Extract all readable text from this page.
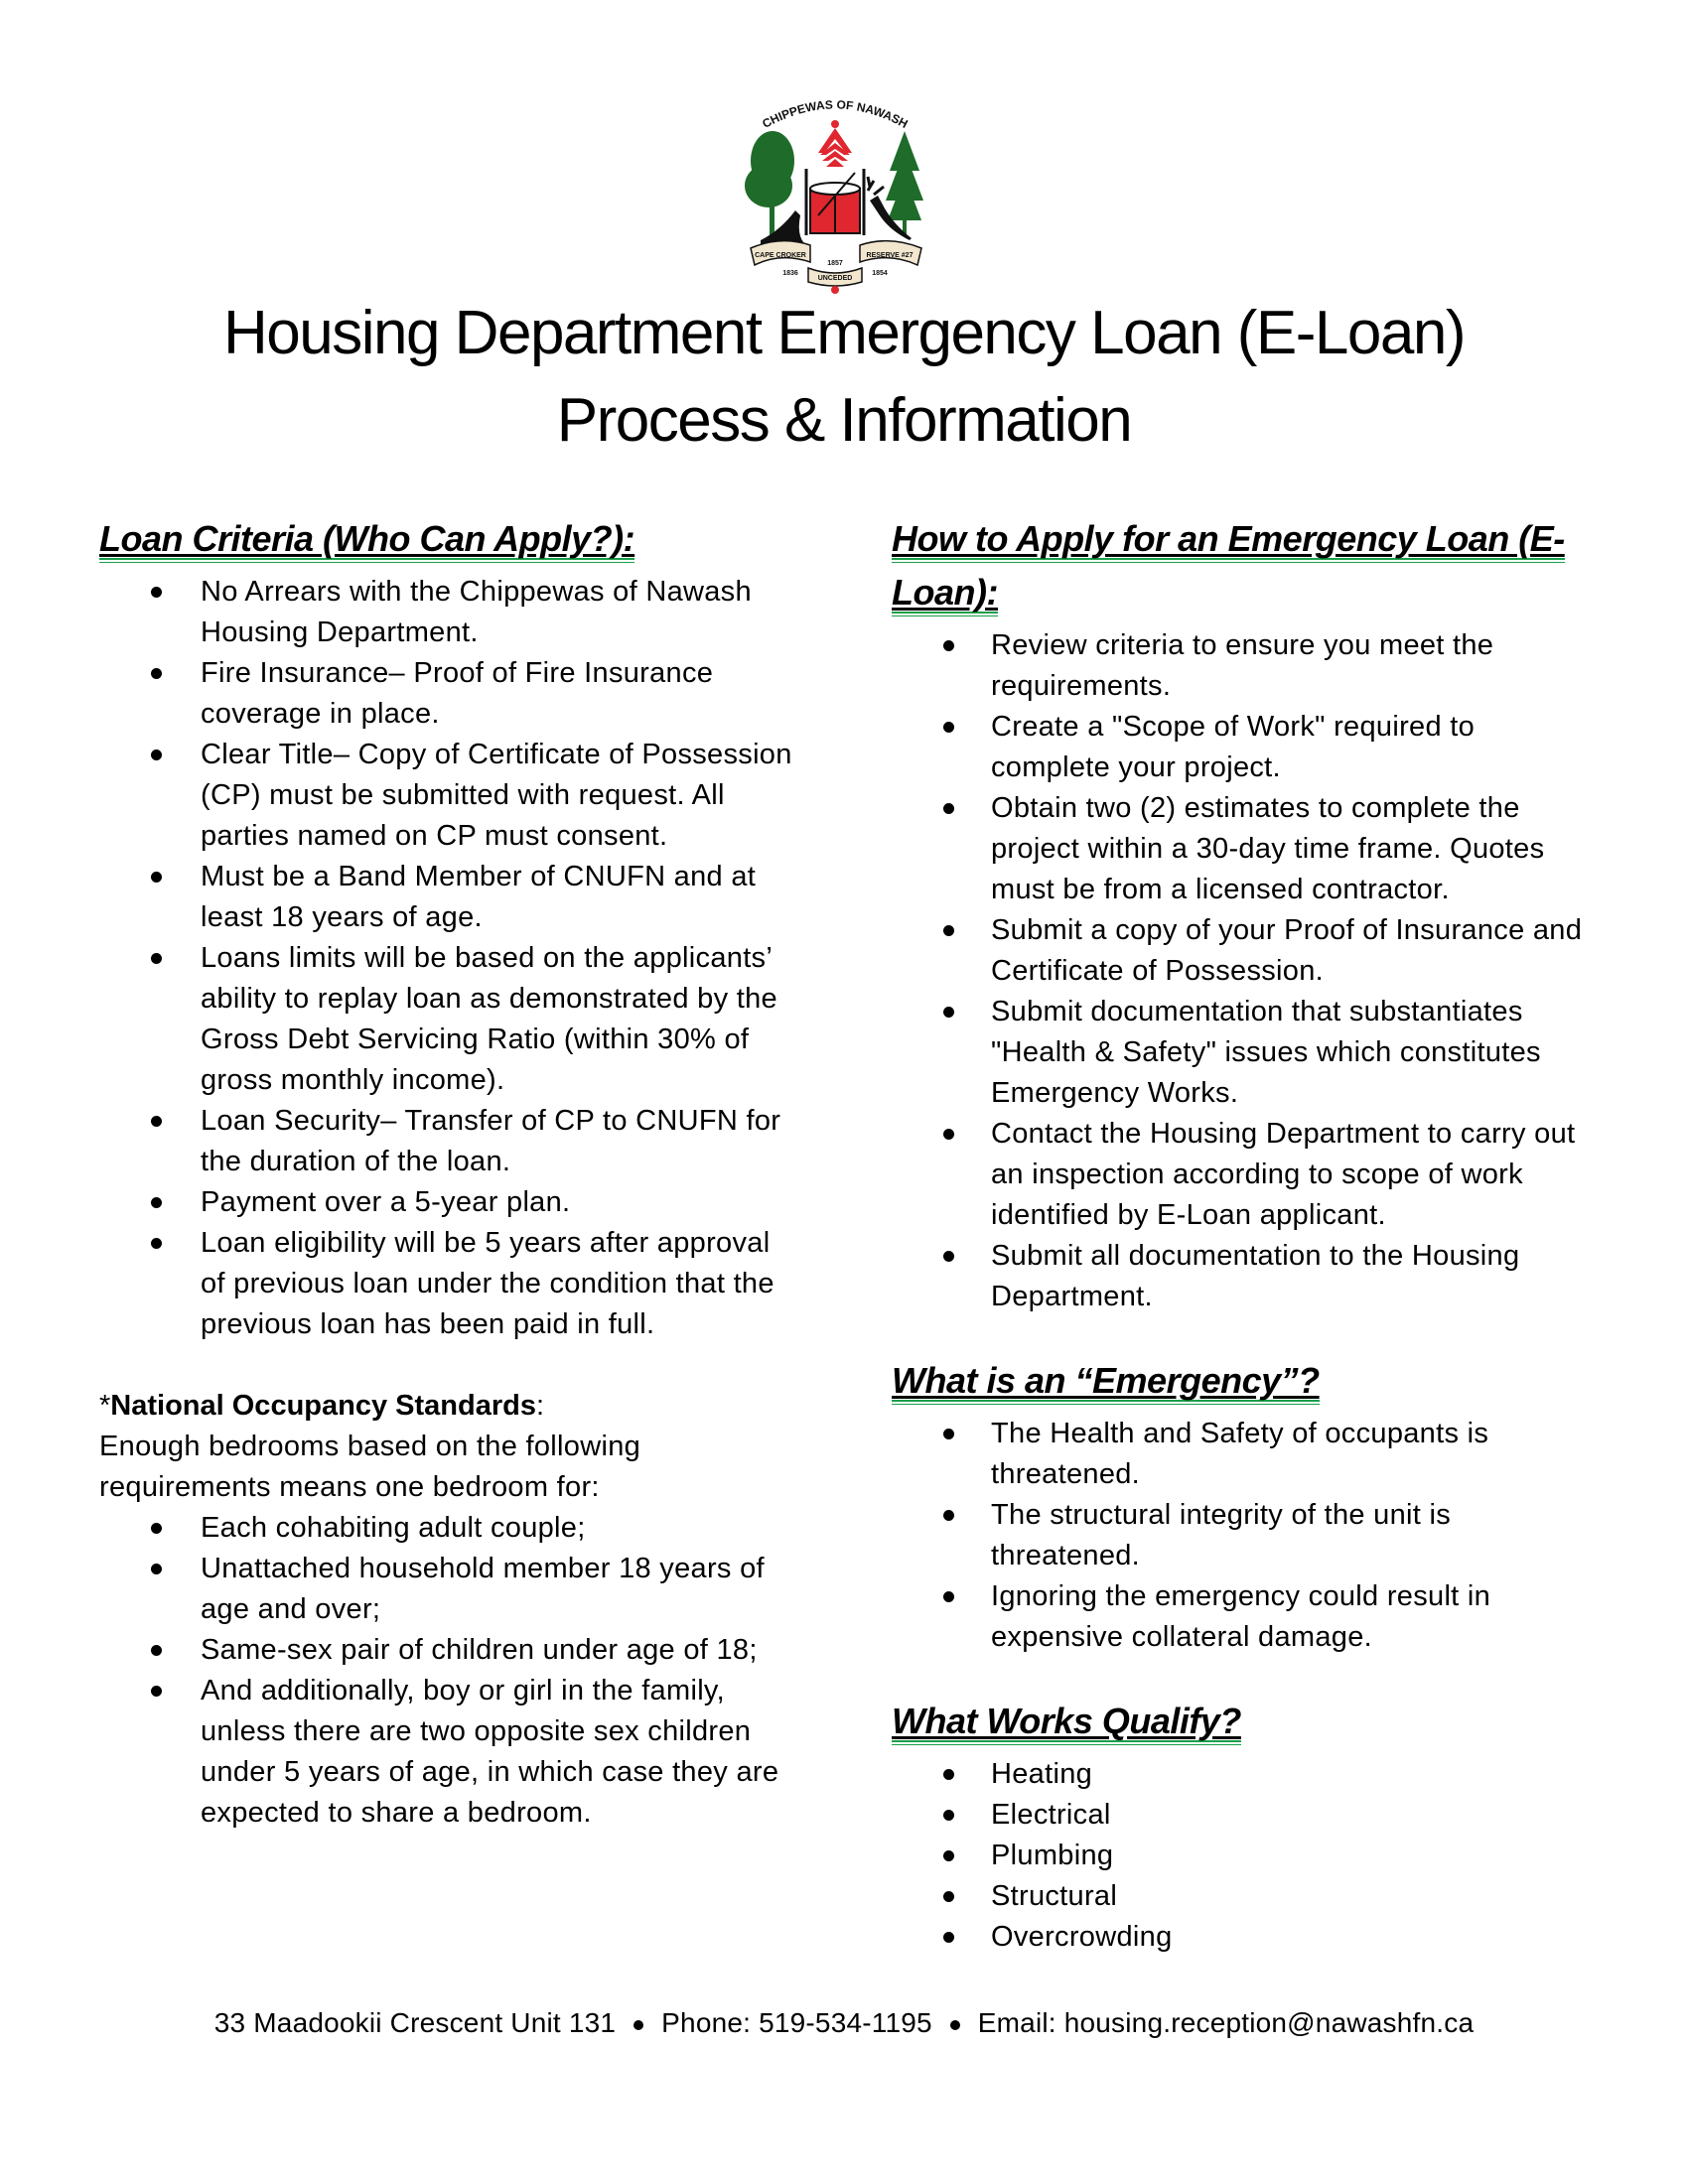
CHIPPEWAS OF NAWASH
CAPE CROKER	RESERVE #27
UNCEDED
1857
1836	1854
Housing Department Emergency Loan (E-Loan)
Process & Information
Loan Criteria (Who Can Apply?):
No Arrears with the Chippewas of Nawash Housing Department.
Fire Insurance– Proof of Fire Insurance coverage in place.
Clear Title– Copy of Certificate of Possession (CP) must be submitted with request. All parties named on CP must consent.
Must be a Band Member of CNUFN and at least 18 years of age.
Loans limits will be based on the applicants’ ability to replay loan as demonstrated by the Gross Debt Servicing Ratio (within 30% of gross monthly income).
Loan Security– Transfer of CP to CNUFN for the duration of the loan.
Payment over a 5-year plan.
Loan eligibility will be 5 years after approval of previous loan under the condition that the previous loan has been paid in full.

*National Occupancy Standards:

Enough bedrooms based on the following requirements means one bedroom for:

Each cohabiting adult couple;
Unattached household member 18 years of age and over;
Same-sex pair of children under age of 18;
And additionally, boy or girl in the family, unless there are two opposite sex children under 5 years of age, in which case they are expected to share a bedroom.
How to Apply for an Emergency Loan (E-Loan):
Review criteria to ensure you meet the requirements.
Create a "Scope of Work" required to complete your project.
Obtain two (2) estimates to complete the project within a 30-day time frame. Quotes must be from a licensed contractor.
Submit a copy of your Proof of Insurance and Certificate of Possession.
Submit documentation that substantiates "Health & Safety" issues which constitutes Emergency Works.
Contact the Housing Department to carry out an inspection according to scope of work identified by E-Loan applicant.
Submit all documentation to the Housing Department.
What is an “Emergency”?
The Health and Safety of occupants is threatened.
The structural integrity of the unit is threatened.
Ignoring the emergency could result in expensive collateral damage.
What Works Qualify?
Heating
Electrical
Plumbing
Structural
Overcrowding
33 Maadookii Crescent Unit 131 Phone: 519-534-1195 Email: housing.reception@nawashfn.ca
